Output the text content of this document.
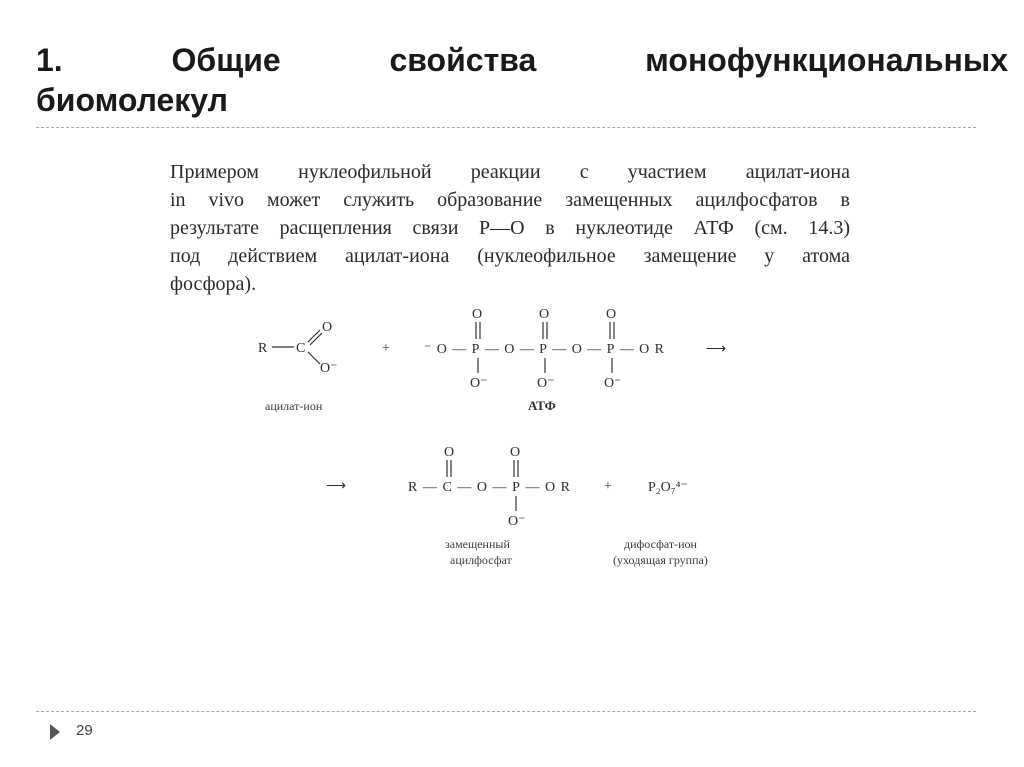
1. Общие свойства монофункциональных
биомолекул
Примером нуклеофильной реакции с участием ацилат-иона
in vivo может служить образование замещенных ацилфосфатов в
результате расщепления связи Р—О в нуклеотиде АТФ (см. 14.3)
под действием ацилат-иона (нуклеофильное замещение у атома
фосфора).
R C
O
O⁻
+ ⁻O—P—O—P—O—P—OR
O
O⁻
O
O⁻
O
O⁻
⟶
ацилат-ион	АТФ
⟶	R—C—O—P—OR
O	O
O⁻
+	P₂O₇⁴⁻
замещенный
ацилфосфат
дифосфат-ион
(уходящая группа)
29
